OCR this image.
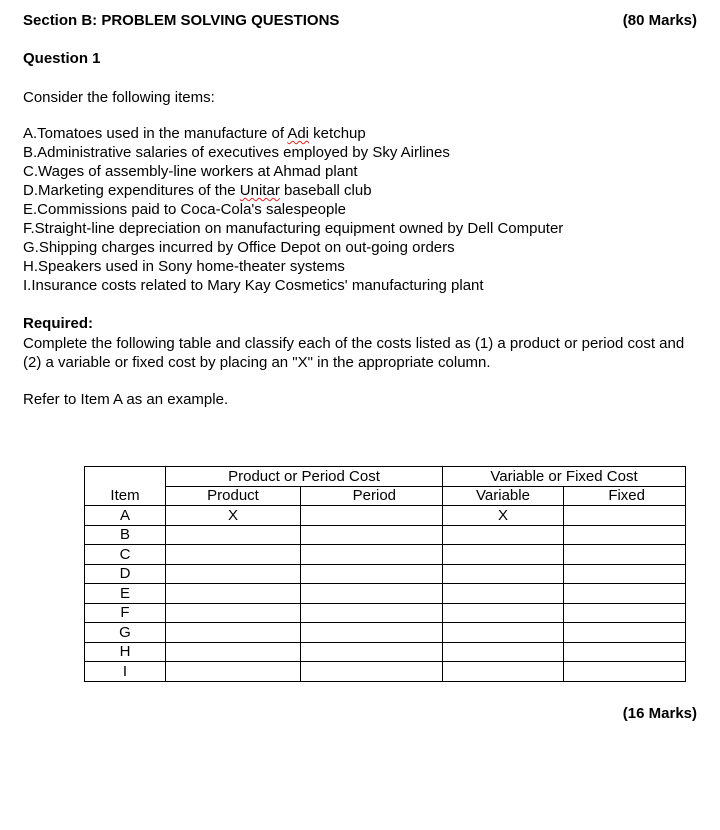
Section B: PROBLEM SOLVING QUESTIONS	(80 Marks)
Question 1
Consider the following items:
A.Tomatoes used in the manufacture of Adi ketchup
B.Administrative salaries of executives employed by Sky Airlines
C.Wages of assembly-line workers at Ahmad plant
D.Marketing expenditures of the Unitar baseball club
E.Commissions paid to Coca-Cola's salespeople
F.Straight-line depreciation on manufacturing equipment owned by Dell Computer
G.Shipping charges incurred by Office Depot on out-going orders
H.Speakers used in Sony home-theater systems
I.Insurance costs related to Mary Kay Cosmetics' manufacturing plant
Required:
Complete the following table and classify each of the costs listed as (1) a product or period cost and (2) a variable or fixed cost by placing an "X" in the appropriate column.
Refer to Item A as an example.
	Product or Period Cost		Variable or Fixed Cost	
Item	Product	Period	Variable	Fixed
A	X		X	
B				
C				
D				
E				
F				
G				
H				
I				
(16 Marks)
